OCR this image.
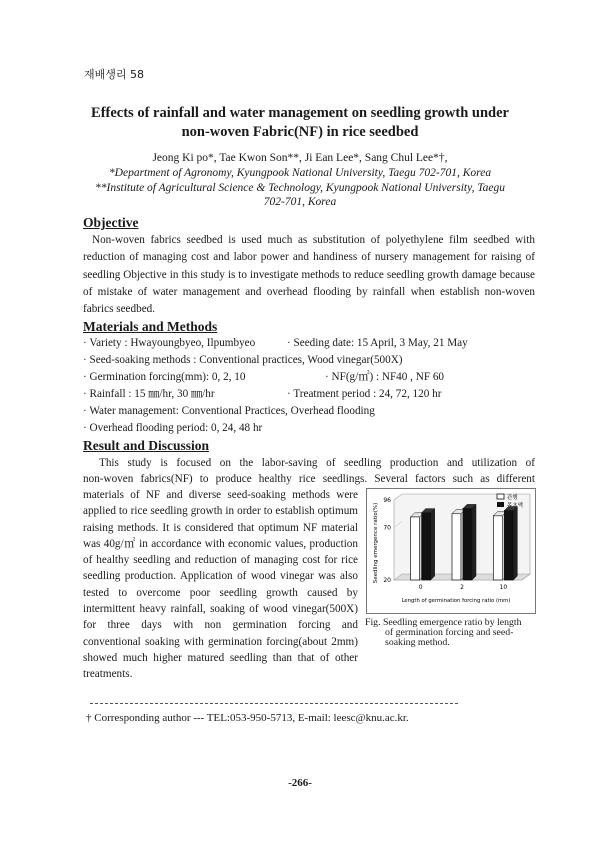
재배생리 58
Effects of rainfall and water management on seedling growth under
non-woven Fabric(NF) in rice seedbed
Jeong Ki po*, Tae Kwon Son**, Ji Ean Lee*, Sang Chul Lee*†,
*Department of Agronomy, Kyungpook National University, Taegu 702-701, Korea
**Institute of Agricultural Science & Technology, Kyungpook National University, Taegu
702-701, Korea
Objective
Non-woven fabrics seedbed is used much as substitution of polyethylene film seedbed with reduction of managing cost and labor power and handiness of nursery management for raising of seedling Objective in this study is to investigate methods to reduce seedling growth damage because of mistake of water management and overhead flooding by rainfall when establish non-woven fabrics seedbed.
Materials and Methods
· Variety : Hwayoungbyeo, Ilpumbyeo	· Seeding date: 15 April, 3 May, 21 May
· Seed-soaking methods : Conventional practices, Wood vinegar(500X)
· Germination forcing(mm): 0, 2, 10	· NF(g/㎡) : NF40 , NF 60
· Rainfall : 15 ㎜/hr, 30 ㎜/hr	· Treatment period : 24, 72, 120 hr
· Water management: Conventional Practices, Overhead flooding
· Overhead flooding period: 0, 24, 48 hr
Result and Discussion
This study is focused on the labor-saving of seedling production and utilization of
non-woven fabrics(NF) to produce healthy rice seedlings. Several factors such as different
materials of NF and diverse seed-soaking methods were applied to rice seedling growth in order to establish optimum raising methods. It is considered that optimum NF material was 40g/㎡ in accordance with economic values, production of healthy seedling and reduction of managing cost for rice seedling production. Application of wood vinegar was also tested to overcome poor seedling growth caused by intermittent heavy rainfall, soaking of wood vinegar(500X) for three days with non germination forcing and conventional soaking with germination forcing(about 2mm) showed much higher matured seedling than that of other treatments.
20
70
96
0	2	10
관행
목초액
Seedling emergence ratio(%)
Length of germination forcing ratio (mm)
Fig. Seedling emergence ratio by length
of germination forcing and seed-
soaking method.
† Corresponding author --- TEL:053-950-5713, E-mail: leesc@knu.ac.kr.
-266-
